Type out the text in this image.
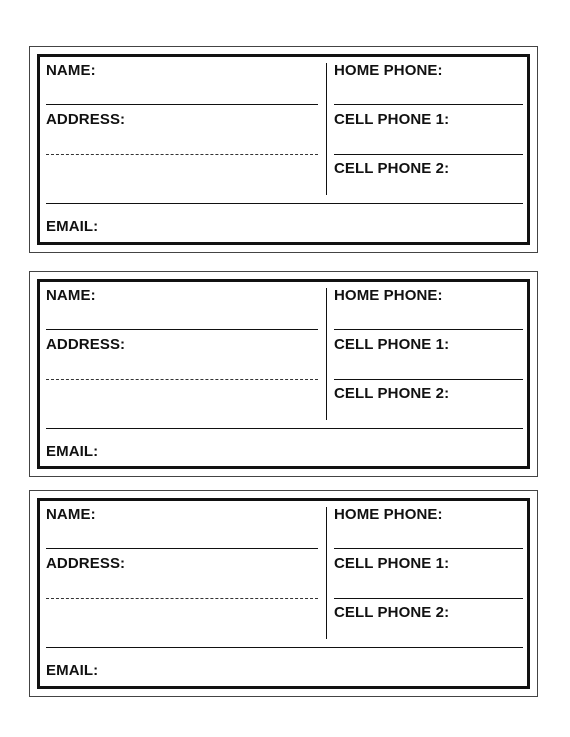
NAME:
ADDRESS:
HOME PHONE:
CELL PHONE 1:
CELL PHONE 2:
EMAIL:
NAME:
ADDRESS:
HOME PHONE:
CELL PHONE 1:
CELL PHONE 2:
EMAIL:
NAME:
ADDRESS:
HOME PHONE:
CELL PHONE 1:
CELL PHONE 2:
EMAIL:
